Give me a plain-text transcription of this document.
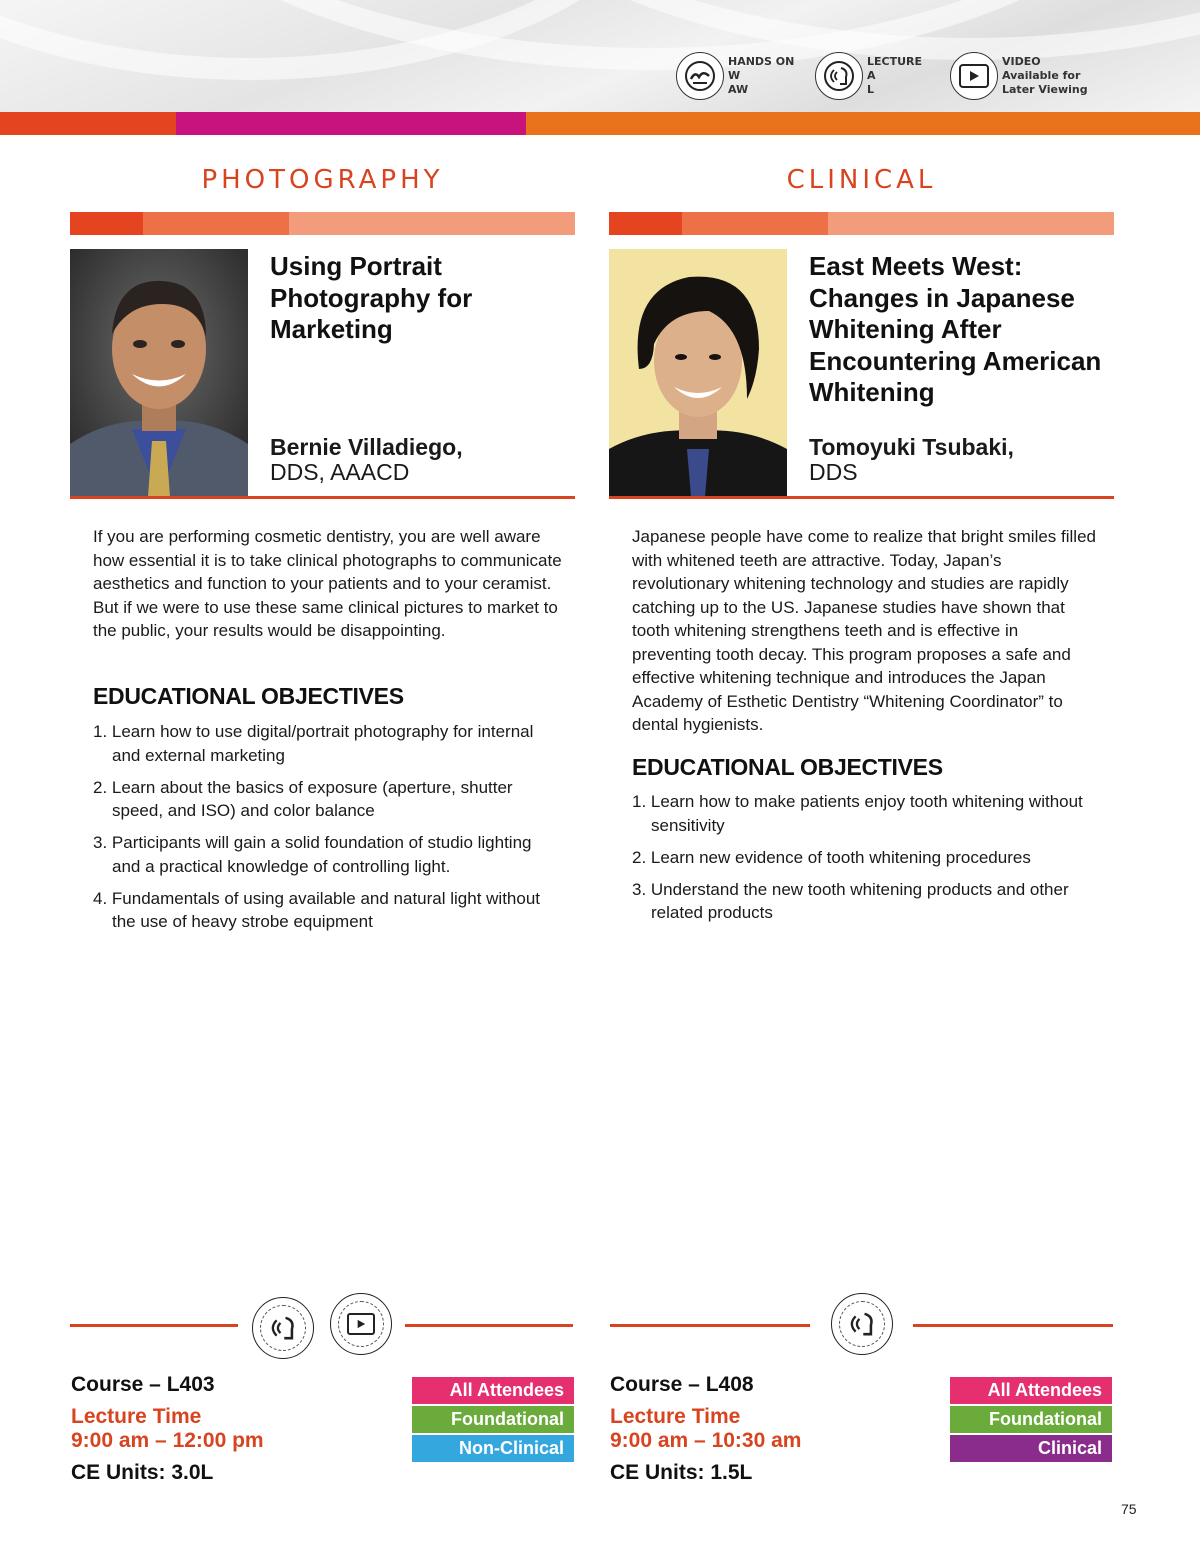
HANDS ON
W
AW
LECTURE
A
L
VIDEO
Available for
Later Viewing
PHOTOGRAPHY
Using Portrait Photography for Marketing
Bernie Villadiego,
DDS, AAACD

If you are performing cosmetic dentistry, you are well aware how essential it is to take clinical photographs to communicate aesthetics and function to your patients and to your ceramist. But if we were to use these same clinical pictures to market to the public, your results would be disappointing.

EDUCATIONAL OBJECTIVES
1. Learn how to use digital/portrait photography for internal and external marketing
2. Learn about the basics of exposure (aperture, shutter speed, and ISO) and color balance
3. Participants will gain a solid foundation of studio lighting and a practical knowledge of controlling light.
4. Fundamentals of using available and natural light without the use of heavy strobe equipment
CLINICAL
East Meets West: Changes in Japanese Whitening After Encountering American Whitening
Tomoyuki Tsubaki,
DDS

Japanese people have come to realize that bright smiles filled with whitened teeth are attractive. Today, Japan’s revolutionary whitening technology and studies are rapidly catching up to the US. Japanese studies have shown that tooth whitening strengthens teeth and is effective in preventing tooth decay. This program proposes a safe and effective whitening technique and introduces the Japan Academy of Esthetic Dentistry “Whitening Coordinator” to dental hygienists.

EDUCATIONAL OBJECTIVES
1. Learn how to make patients enjoy tooth whitening without sensitivity
2. Learn new evidence of tooth whitening procedures
3. Understand the new tooth whitening products and other related products
Course – L403
Lecture Time
9:00 am – 12:00 pm
CE Units: 3.0L
All Attendees
Foundational
Non-Clinical
Course – L408
Lecture Time
9:00 am – 10:30 am
CE Units: 1.5L
All Attendees
Foundational
Clinical
75
